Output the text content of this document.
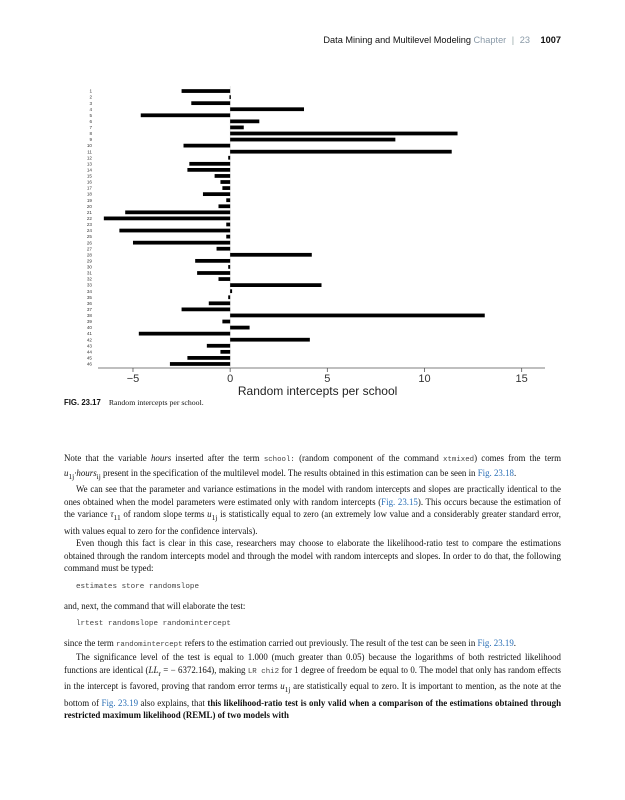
Data Mining and Multilevel Modeling Chapter | 23 1007
1
2
3
4
5
6
7
8
9
10
11
12
13
14
15
16
17
18
19
20
21
22
23
24
25
26
27
28
29
30
31
32
33
34
35
36
37
38
39
40
41
42
43
44
45
46
−5	0	5	10	15
Random intercepts per school
FIG. 23.17 Random intercepts per school.

Note that the variable hours inserted after the term school: (random component of the command xtmixed) comes from the term $u_{1j}\cdot hours_{ij}$ present in the specification of the multilevel model. The results obtained in this estimation can be seen in Fig. 23.18.

We can see that the parameter and variance estimations in the model with random intercepts and slopes are practically identical to the ones obtained when the model parameters were estimated only with random intercepts (Fig. 23.15). This occurs because the estimation of the variance $\tau_{11}$ of random slope terms $u_{1j}$ is statistically equal to zero (an extremely low value and a considerably greater standard error, with values equal to zero for the confidence intervals).

Even though this fact is clear in this case, researchers may choose to elaborate the likelihood-ratio test to compare the estimations obtained through the random intercepts model and through the model with random intercepts and slopes. In order to do that, the following command must be typed:

estimates store randomslope

and, next, the command that will elaborate the test:

lrtest randomslope randomintercept

since the term randomintercept refers to the estimation carried out previously. The result of the test can be seen in Fig. 23.19.

The significance level of the test is equal to 1.000 (much greater than 0.05) because the logarithms of both restricted likelihood functions are identical ($LL_r$ = − 6372.164), making LR chi2 for 1 degree of freedom be equal to 0. The model that only has random effects in the intercept is favored, proving that random error terms $u_{1j}$ are statistically equal to zero. It is important to mention, as the note at the bottom of Fig. 23.19 also explains, that this likelihood-ratio test is only valid when a comparison of the estimations obtained through restricted maximum likelihood (REML) of two models with
